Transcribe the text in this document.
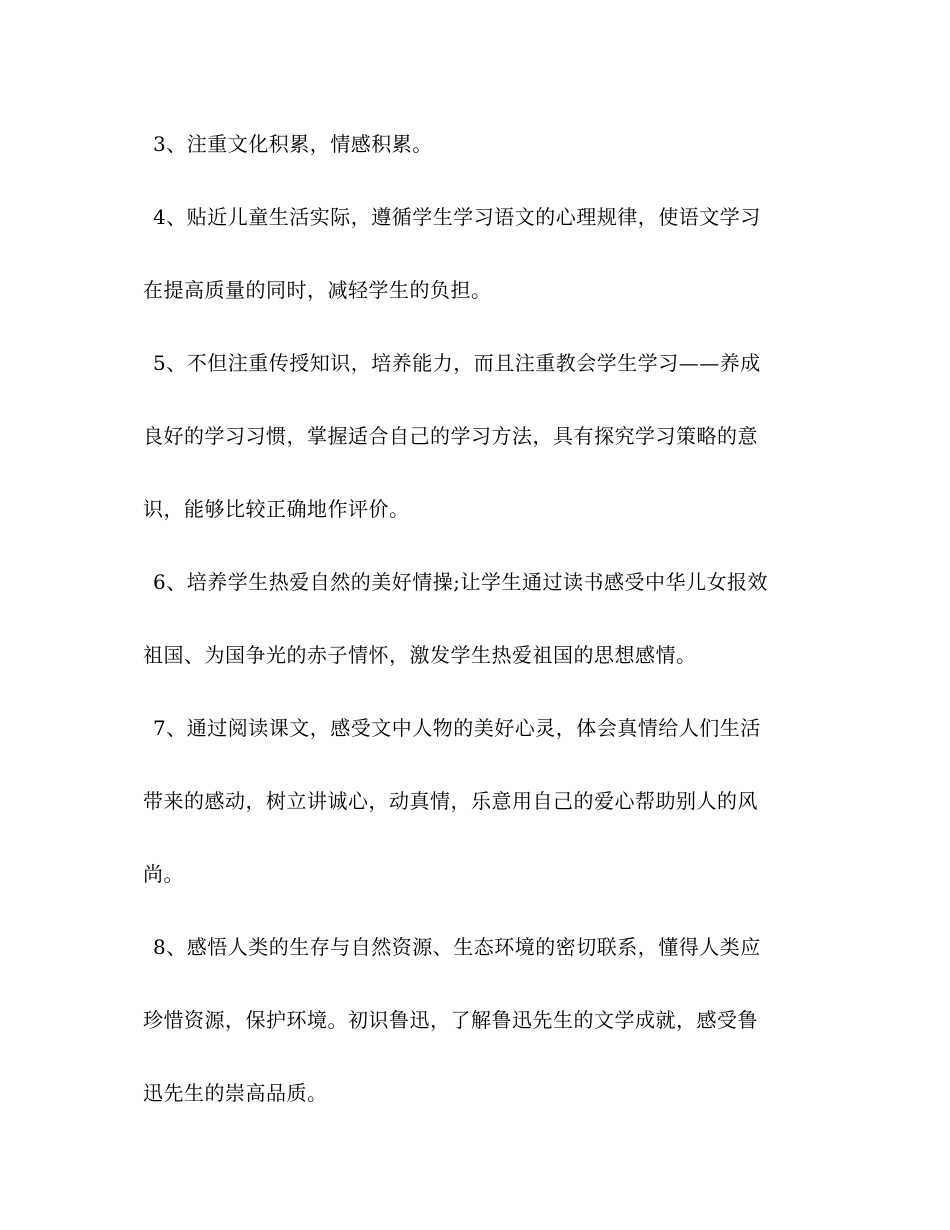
3、注重文化积累，情感积累。
4、贴近儿童生活实际，遵循学生学习语文的心理规律，使语文学习
在提高质量的同时，减轻学生的负担。
5、不但注重传授知识，培养能力，而且注重教会学生学习——养成
良好的学习习惯，掌握适合自己的学习方法，具有探究学习策略的意
识，能够比较正确地作评价。
6、培养学生热爱自然的美好情操;让学生通过读书感受中华儿女报效
祖国、为国争光的赤子情怀，激发学生热爱祖国的思想感情。
7、通过阅读课文，感受文中人物的美好心灵，体会真情给人们生活
带来的感动，树立讲诚心，动真情，乐意用自己的爱心帮助别人的风
尚。
8、感悟人类的生存与自然资源、生态环境的密切联系，懂得人类应
珍惜资源，保护环境。初识鲁迅，了解鲁迅先生的文学成就，感受鲁
迅先生的崇高品质。
